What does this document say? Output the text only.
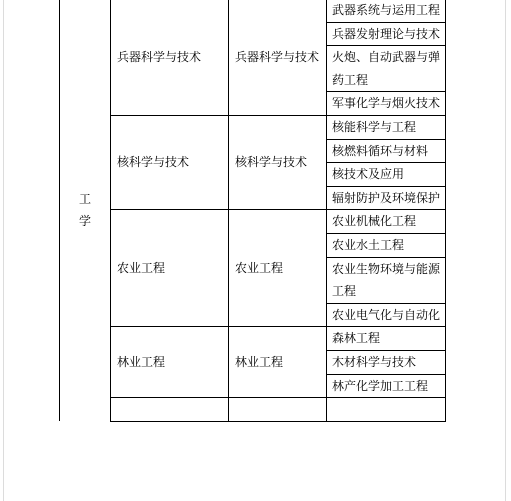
工
学	兵器科学与技术	兵器科学与技术	武器系统与运用工程
			兵器发射理论与技术
			火炮、自动武器与弹药工程
			军事化学与烟火技术
	核科学与技术	核科学与技术	核能科学与工程
			核燃料循环与材料
			核技术及应用
			辐射防护及环境保护
	农业工程	农业工程	农业机械化工程
			农业水土工程
			农业生物环境与能源工程
			农业电气化与自动化
	林业工程	林业工程	森林工程
			木材科学与技术
			林产化学加工工程
